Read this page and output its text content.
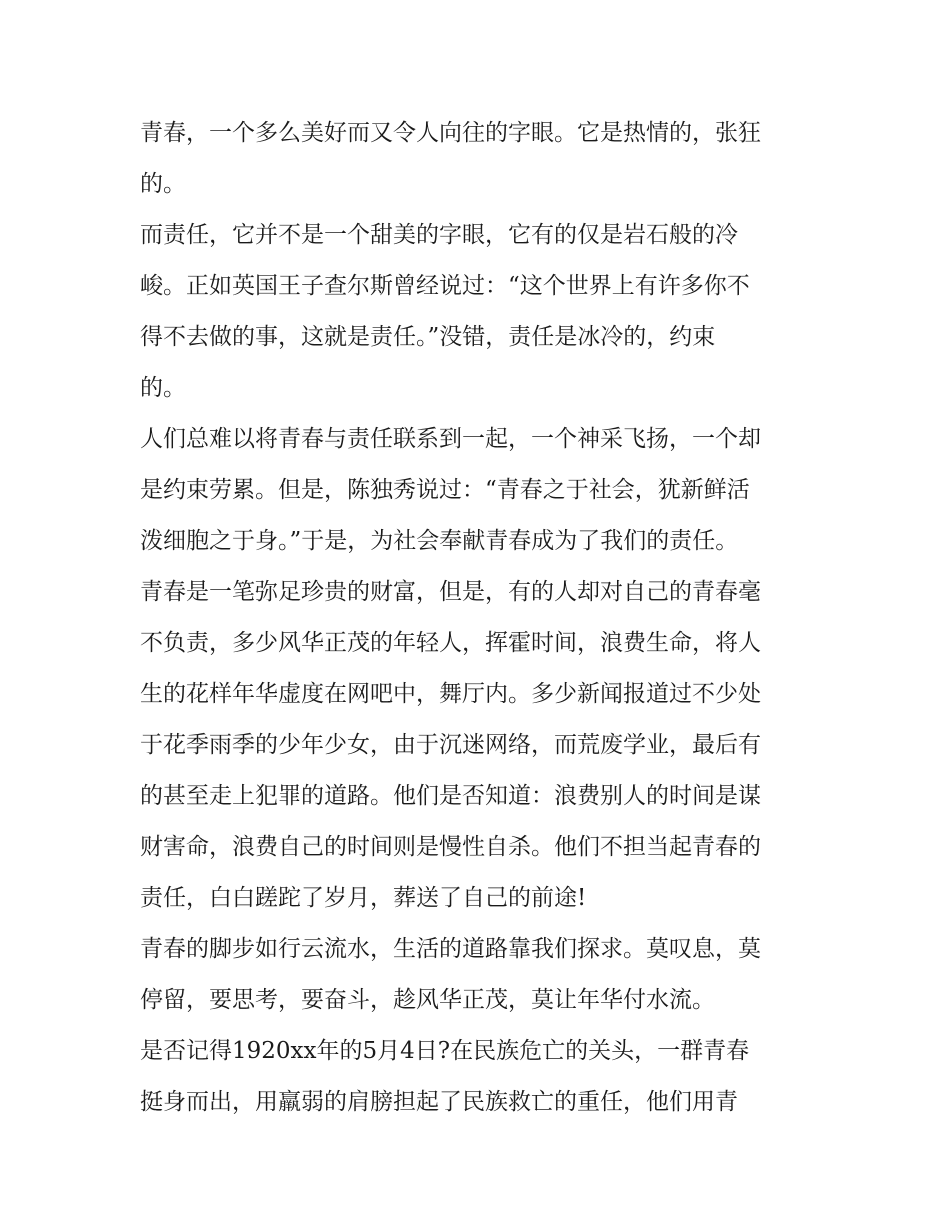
青春，一个多么美好而又令人向往的字眼。它是热情的，张狂
的。
而责任，它并不是一个甜美的字眼，它有的仅是岩石般的冷
峻。正如英国王子查尔斯曾经说过：“这个世界上有许多你不
得不去做的事，这就是责任。”没错，责任是冰冷的，约束
的。
人们总难以将青春与责任联系到一起，一个神采飞扬，一个却
是约束劳累。但是，陈独秀说过：“青春之于社会，犹新鲜活
泼细胞之于身。”于是，为社会奉献青春成为了我们的责任。
青春是一笔弥足珍贵的财富，但是，有的人却对自己的青春毫
不负责，多少风华正茂的年轻人，挥霍时间，浪费生命，将人
生的花样年华虚度在网吧中，舞厅内。多少新闻报道过不少处
于花季雨季的少年少女，由于沉迷网络，而荒废学业，最后有
的甚至走上犯罪的道路。他们是否知道：浪费别人的时间是谋
财害命，浪费自己的时间则是慢性自杀。他们不担当起青春的
责任，白白蹉跎了岁月，葬送了自己的前途!
青春的脚步如行云流水，生活的道路靠我们探求。莫叹息，莫
停留，要思考，要奋斗，趁风华正茂，莫让年华付水流。
是否记得1920xx年的5月4日?在民族危亡的关头，一群青春
挺身而出，用羸弱的肩膀担起了民族救亡的重任，他们用青
